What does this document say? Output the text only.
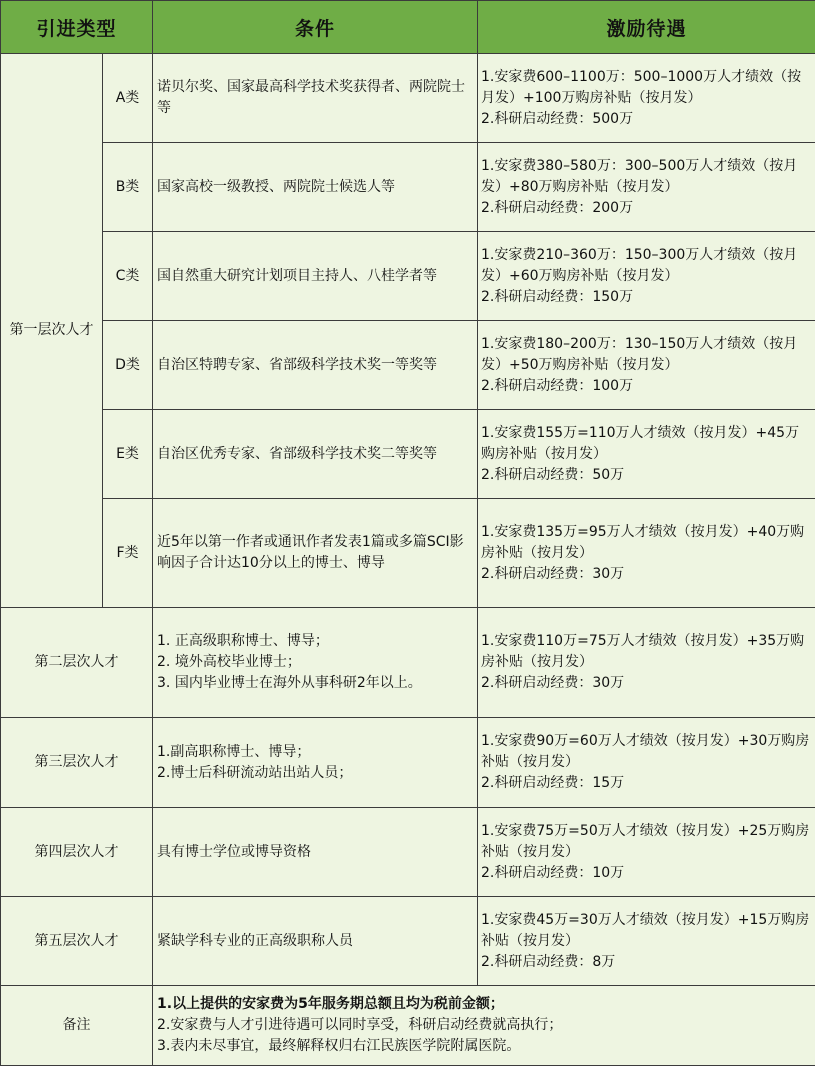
引进类型		条件	激励待遇
第一层次人才	A类	诺贝尔奖、国家最高科学技术奖获得者、两院院士等	1.安家费600–1100万：500–1000万人才绩效（按月发）+100万购房补贴（按月发）
2.科研启动经费：500万

	B类	国家高校一级教授、两院院士候选人等	1.安家费380–580万：300–500万人才绩效（按月发）+80万购房补贴（按月发）
2.科研启动经费：200万

	C类	国自然重大研究计划项目主持人、八桂学者等	1.安家费210–360万：150–300万人才绩效（按月发）+60万购房补贴（按月发）
2.科研启动经费：150万

	D类	自治区特聘专家、省部级科学技术奖一等奖等	1.安家费180–200万：130–150万人才绩效（按月发）+50万购房补贴（按月发）
2.科研启动经费：100万

	E类	自治区优秀专家、省部级科学技术奖二等奖等	1.安家费155万=110万人才绩效（按月发）+45万购房补贴（按月发）
2.科研启动经费：50万

	F类	近5年以第一作者或通讯作者发表1篇或多篇SCI影响因子合计达10分以上的博士、博导	1.安家费135万=95万人才绩效（按月发）+40万购房补贴（按月发）
2.科研启动经费：30万

第二层次人才		1. 正高级职称博士、博导；
2. 境外高校毕业博士；
3. 国内毕业博士在海外从事科研2年以上。	1.安家费110万=75万人才绩效（按月发）+35万购房补贴（按月发）
2.科研启动经费：30万

第三层次人才		1.副高职称博士、博导；
2.博士后科研流动站出站人员；	1.安家费90万=60万人才绩效（按月发）+30万购房补贴（按月发）
2.科研启动经费：15万

第四层次人才		具有博士学位或博导资格	1.安家费75万=50万人才绩效（按月发）+25万购房补贴（按月发）
2.科研启动经费：10万

第五层次人才		紧缺学科专业的正高级职称人员	1.安家费45万=30万人才绩效（按月发）+15万购房补贴（按月发）
2.科研启动经费：8万

备注		1.以上提供的安家费为5年服务期总额且均为税前金额；
2.安家费与人才引进待遇可以同时享受，科研启动经费就高执行；
3.表内未尽事宜，最终解释权归右江民族医学院附属医院。	
